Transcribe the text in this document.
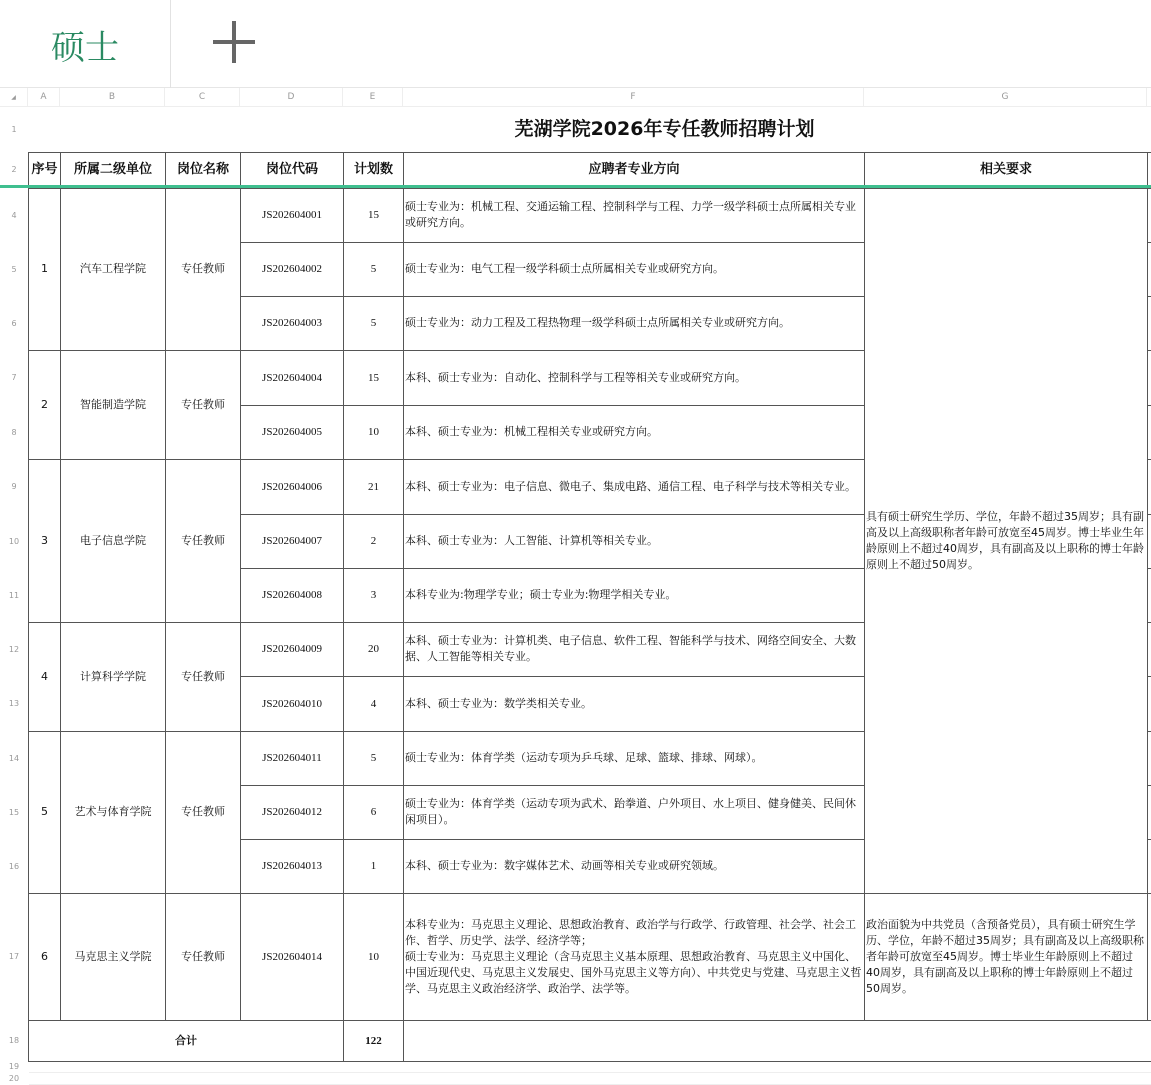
硕士
◢	A	B	C	D	E	F	G
1
2
4
5
6
7
8
9
10
11
12
13
14
15
16
17
18
19
20
芜湖学院2026年专任教师招聘计划							
序号	所属二级单位	岗位名称	岗位代码	计划数	应聘者专业方向	相关要求	
1	汽车工程学院	专任教师	JS202604001	15	硕士专业为：机械工程、交通运输工程、控制科学与工程、力学一级学科硕士点所属相关专业或研究方向。	具有硕士研究生学历、学位，年龄不超过35周岁；具有副高及以上高级职称者年龄可放宽至45周岁。博士毕业生年龄原则上不超过40周岁，具有副高及以上职称的博士年龄原则上不超过50周岁。	
			JS202604002	5	硕士专业为：电气工程一级学科硕士点所属相关专业或研究方向。		
			JS202604003	5	硕士专业为：动力工程及工程热物理一级学科硕士点所属相关专业或研究方向。		
2	智能制造学院	专任教师	JS202604004	15	本科、硕士专业为：自动化、控制科学与工程等相关专业或研究方向。		
			JS202604005	10	本科、硕士专业为：机械工程相关专业或研究方向。		
3	电子信息学院	专任教师	JS202604006	21	本科、硕士专业为：电子信息、微电子、集成电路、通信工程、电子科学与技术等相关专业。		
			JS202604007	2	本科、硕士专业为：人工智能、计算机等相关专业。		
			JS202604008	3	本科专业为:物理学专业；硕士专业为:物理学相关专业。		
4	计算科学学院	专任教师	JS202604009	20	本科、硕士专业为：计算机类、电子信息、软件工程、智能科学与技术、网络空间安全、大数据、人工智能等相关专业。		
			JS202604010	4	本科、硕士专业为：数学类相关专业。		
5	艺术与体育学院	专任教师	JS202604011	5	硕士专业为：体育学类（运动专项为乒乓球、足球、篮球、排球、网球）。		
			JS202604012	6	硕士专业为：体育学类（运动专项为武术、跆拳道、户外项目、水上项目、健身健美、民间休闲项目）。		
			JS202604013	1	本科、硕士专业为：数字媒体艺术、动画等相关专业或研究领域。		
6	马克思主义学院	专任教师	JS202604014	10	本科专业为：马克思主义理论、思想政治教育、政治学与行政学、行政管理、社会学、社会工作、哲学、历史学、法学、经济学等；
硕士专业为：马克思主义理论（含马克思主义基本原理、思想政治教育、马克思主义中国化、中国近现代史、马克思主义发展史、国外马克思主义等方向）、中共党史与党建、马克思主义哲学、马克思主义政治经济学、政治学、法学等。	政治面貌为中共党员（含预备党员），具有硕士研究生学历、学位，年龄不超过35周岁；具有副高及以上高级职称者年龄可放宽至45周岁。博士毕业生年龄原则上不超过40周岁，具有副高及以上职称的博士年龄原则上不超过50周岁。	
合计				122			
